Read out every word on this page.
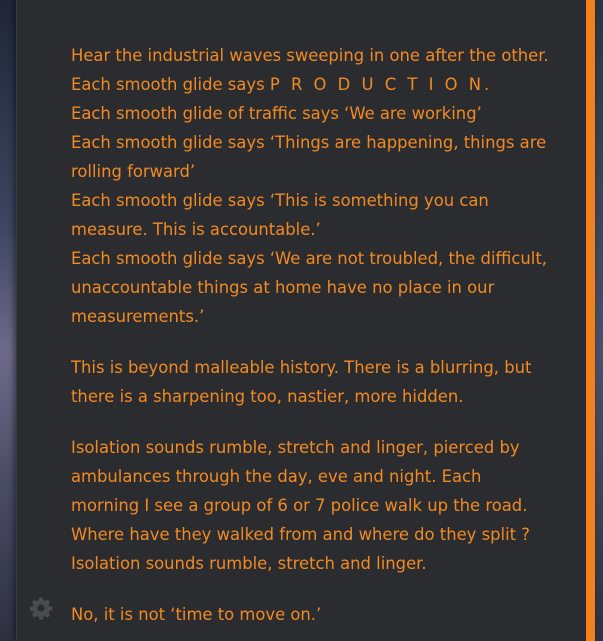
Hear the industrial waves sweeping in one after the other.
Each smooth glide says P R O D U C T I O N.
Each smooth glide of traffic says ‘We are working’
Each smooth glide says ‘Things are happening, things are rolling forward’
Each smooth glide says ‘This is something you can measure. This is accountable.’
Each smooth glide says ‘We are not troubled, the difficult, unaccountable things at home have no place in our measurements.’

This is beyond malleable history. There is a blurring, but there is a sharpening too, nastier, more hidden.

Isolation sounds rumble, stretch and linger, pierced by ambulances through the day, eve and night. Each morning I see a group of 6 or 7 police walk up the road. Where have they walked from and where do they split ? Isolation sounds rumble, stretch and linger.

No, it is not ‘time to move on.’
